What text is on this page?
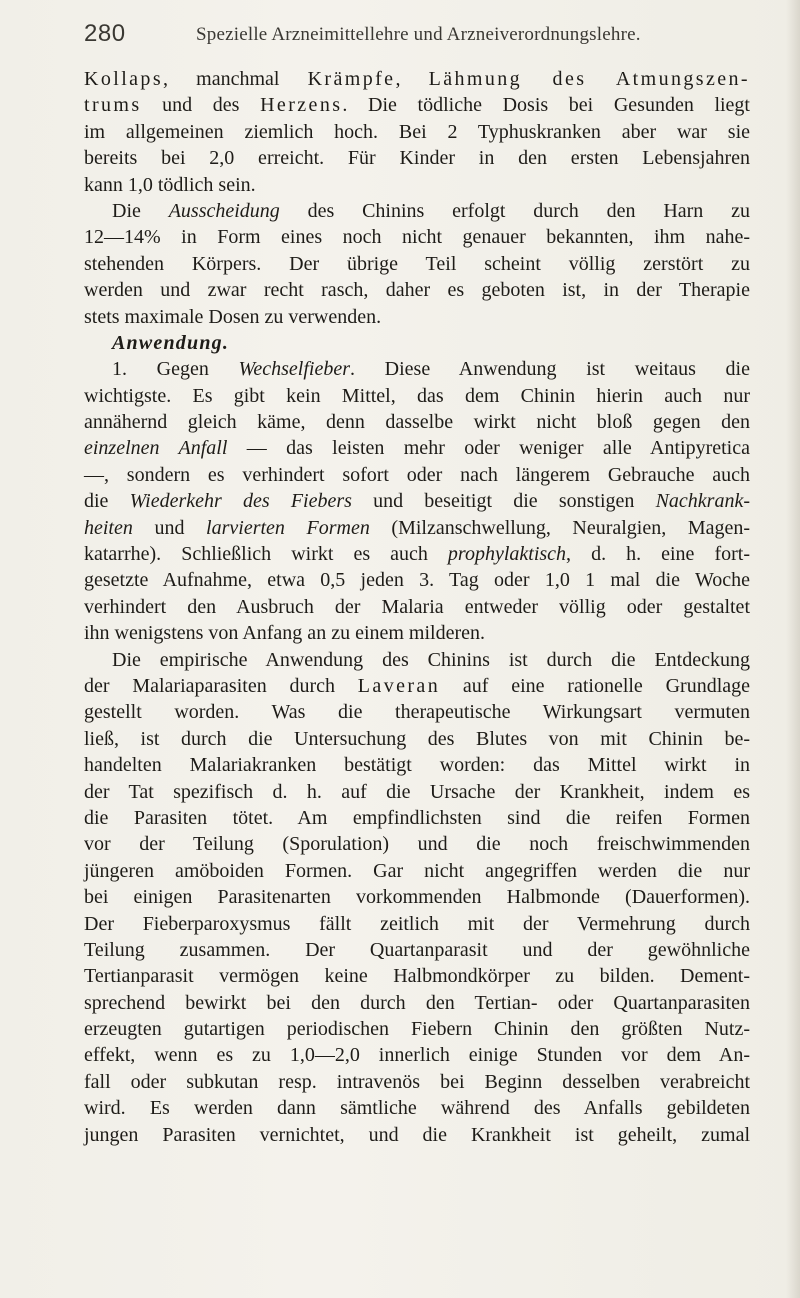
280	Spezielle Arzneimittellehre und Arzneiverordnungslehre.
Kollaps, manchmal Krämpfe, Lähmung des Atmungszen-
trums und des Herzens. Die tödliche Dosis bei Gesunden liegt
im allgemeinen ziemlich hoch. Bei 2 Typhuskranken aber war sie
bereits bei 2,0 erreicht. Für Kinder in den ersten Lebensjahren
kann 1,0 tödlich sein.
Die Ausscheidung des Chinins erfolgt durch den Harn zu
12—14% in Form eines noch nicht genauer bekannten, ihm nahe-
stehenden Körpers. Der übrige Teil scheint völlig zerstört zu
werden und zwar recht rasch, daher es geboten ist, in der Therapie
stets maximale Dosen zu verwenden.
Anwendung.
1. Gegen Wechselfieber. Diese Anwendung ist weitaus die
wichtigste. Es gibt kein Mittel, das dem Chinin hierin auch nur
annähernd gleich käme, denn dasselbe wirkt nicht bloß gegen den
einzelnen Anfall — das leisten mehr oder weniger alle Antipyretica
—, sondern es verhindert sofort oder nach längerem Gebrauche auch
die Wiederkehr des Fiebers und beseitigt die sonstigen Nachkrank-
heiten und larvierten Formen (Milzanschwellung, Neuralgien, Magen-
katarrhe). Schließlich wirkt es auch prophylaktisch, d. h. eine fort-
gesetzte Aufnahme, etwa 0,5 jeden 3. Tag oder 1,0 1 mal die Woche
verhindert den Ausbruch der Malaria entweder völlig oder gestaltet
ihn wenigstens von Anfang an zu einem milderen.
Die empirische Anwendung des Chinins ist durch die Entdeckung
der Malariaparasiten durch Laveran auf eine rationelle Grundlage
gestellt worden. Was die therapeutische Wirkungsart vermuten
ließ, ist durch die Untersuchung des Blutes von mit Chinin be-
handelten Malariakranken bestätigt worden: das Mittel wirkt in
der Tat spezifisch d. h. auf die Ursache der Krankheit, indem es
die Parasiten tötet. Am empfindlichsten sind die reifen Formen
vor der Teilung (Sporulation) und die noch freischwimmenden
jüngeren amöboiden Formen. Gar nicht angegriffen werden die nur
bei einigen Parasitenarten vorkommenden Halbmonde (Dauerformen).
Der Fieberparoxysmus fällt zeitlich mit der Vermehrung durch
Teilung zusammen. Der Quartanparasit und der gewöhnliche
Tertianparasit vermögen keine Halbmondkörper zu bilden. Dement-
sprechend bewirkt bei den durch den Tertian- oder Quartanparasiten
erzeugten gutartigen periodischen Fiebern Chinin den größten Nutz-
effekt, wenn es zu 1,0—2,0 innerlich einige Stunden vor dem An-
fall oder subkutan resp. intravenös bei Beginn desselben verabreicht
wird. Es werden dann sämtliche während des Anfalls gebildeten
jungen Parasiten vernichtet, und die Krankheit ist geheilt, zumal
